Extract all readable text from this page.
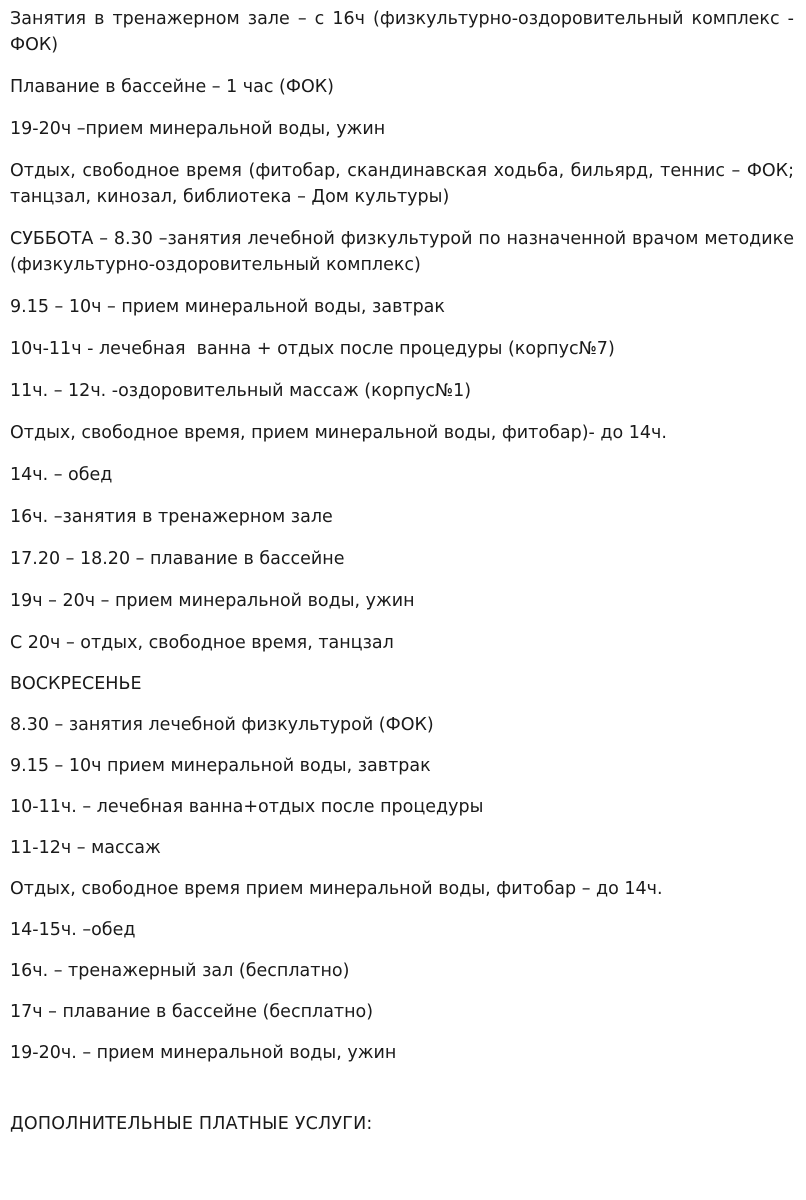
Занятия в тренажерном зале – с 16ч (физкультурно-оздоровительный комплекс - ФОК)

Плавание в бассейне – 1 час (ФОК)

19-20ч –прием минеральной воды, ужин

Отдых, свободное время (фитобар, скандинавская ходьба, бильярд, теннис – ФОК; танцзал, кинозал, библиотека – Дом культуры)

СУББОТА – 8.30 –занятия лечебной физкультурой по назначенной врачом методике (физкультурно-оздоровительный комплекс)

9.15 – 10ч – прием минеральной воды, завтрак

10ч-11ч - лечебная  ванна + отдых после процедуры (корпус№7)

11ч. – 12ч. -оздоровительный массаж (корпус№1)

Отдых, свободное время, прием минеральной воды, фитобар)- до 14ч.

14ч. – обед

16ч. –занятия в тренажерном зале

17.20 – 18.20 – плавание в бассейне

19ч – 20ч – прием минеральной воды, ужин

С 20ч – отдых, свободное время, танцзал

ВОСКРЕСЕНЬЕ

8.30 – занятия лечебной физкультурой (ФОК)

9.15 – 10ч прием минеральной воды, завтрак

10-11ч. – лечебная ванна+отдых после процедуры

11-12ч – массаж

Отдых, свободное время прием минеральной воды, фитобар – до 14ч.

14-15ч. –обед

16ч. – тренажерный зал (бесплатно)

17ч – плавание в бассейне (бесплатно)

19-20ч. – прием минеральной воды, ужин

ДОПОЛНИТЕЛЬНЫЕ ПЛАТНЫЕ УСЛУГИ:
